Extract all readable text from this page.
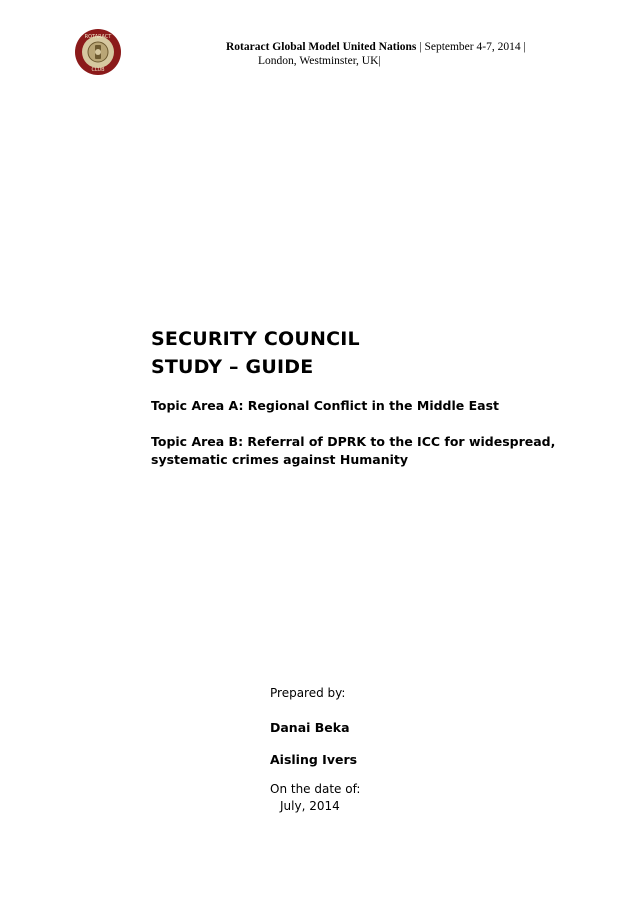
ROTARACT
CLUB
Rotaract Global Model United Nations | September 4-7, 2014 |
London, Westminster, UK|
SECURITY COUNCIL
STUDY – GUIDE
Topic Area A: Regional Conflict in the Middle East
Topic Area B: Referral of DPRK to the ICC for widespread,
systematic crimes against Humanity
Prepared by:
Danai Beka
Aisling Ivers
On the date of:
July, 2014
